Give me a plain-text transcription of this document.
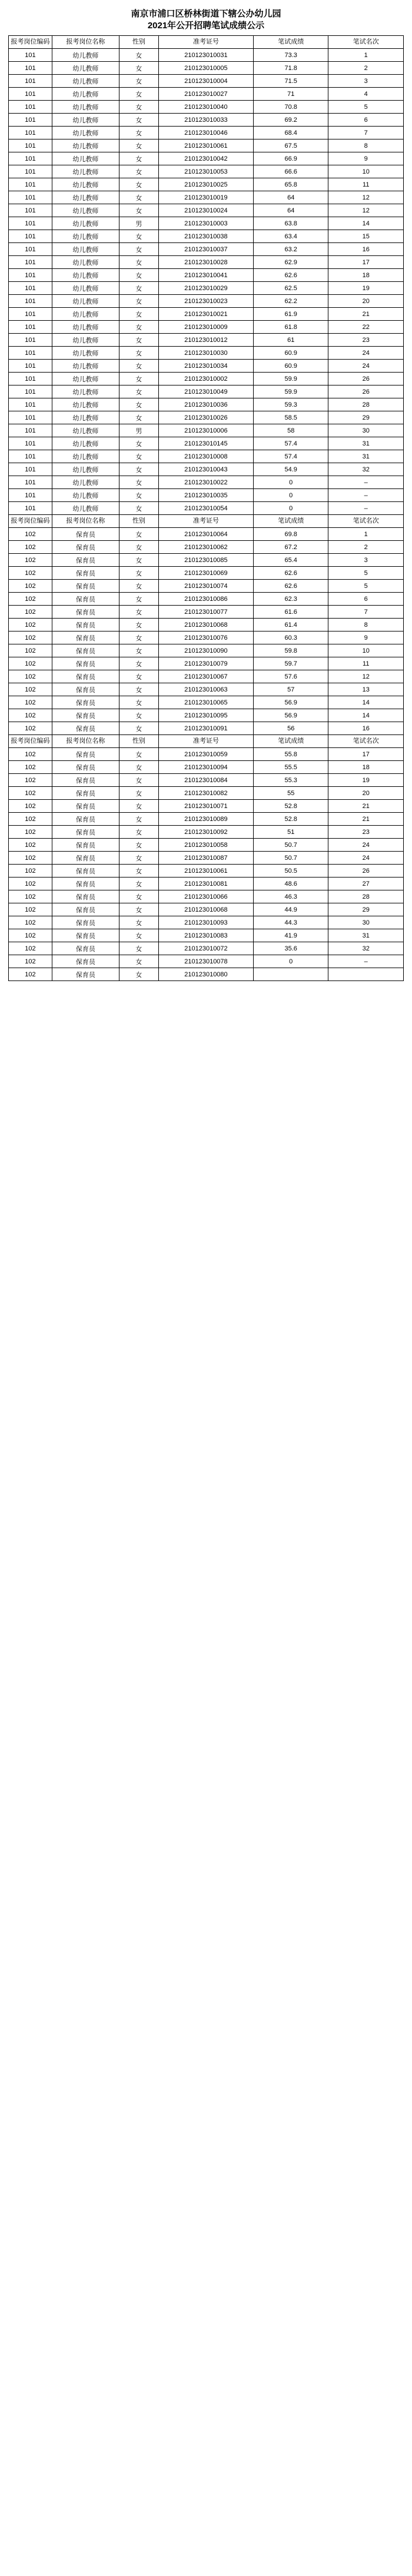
南京市浦口区桥林街道下辖公办幼儿园
2021年公开招聘笔试成绩公示
报考岗位编码	报考岗位名称	性别	准考证号	笔试成绩	笔试名次
101	幼儿教师	女	210123010031	73.3	1
101	幼儿教师	女	210123010005	71.8	2
101	幼儿教师	女	210123010004	71.5	3
101	幼儿教师	女	210123010027	71	4
101	幼儿教师	女	210123010040	70.8	5
101	幼儿教师	女	210123010033	69.2	6
101	幼儿教师	女	210123010046	68.4	7
101	幼儿教师	女	210123010061	67.5	8
101	幼儿教师	女	210123010042	66.9	9
101	幼儿教师	女	210123010053	66.6	10
101	幼儿教师	女	210123010025	65.8	11
101	幼儿教师	女	210123010019	64	12
101	幼儿教师	女	210123010024	64	12
101	幼儿教师	男	210123010003	63.8	14
101	幼儿教师	女	210123010038	63.4	15
101	幼儿教师	女	210123010037	63.2	16
101	幼儿教师	女	210123010028	62.9	17
101	幼儿教师	女	210123010041	62.6	18
101	幼儿教师	女	210123010029	62.5	19
101	幼儿教师	女	210123010023	62.2	20
101	幼儿教师	女	210123010021	61.9	21
101	幼儿教师	女	210123010009	61.8	22
101	幼儿教师	女	210123010012	61	23
101	幼儿教师	女	210123010030	60.9	24
101	幼儿教师	女	210123010034	60.9	24
101	幼儿教师	女	210123010002	59.9	26
101	幼儿教师	女	210123010049	59.9	26
101	幼儿教师	女	210123010036	59.3	28
101	幼儿教师	女	210123010026	58.5	29
101	幼儿教师	男	210123010006	58	30
101	幼儿教师	女	210123010145	57.4	31
101	幼儿教师	女	210123010008	57.4	31
101	幼儿教师	女	210123010043	54.9	32
101	幼儿教师	女	210123010022	0	–
101	幼儿教师	女	210123010035	0	–
101	幼儿教师	女	210123010054	0	–
报考岗位编码	报考岗位名称	性别	准考证号	笔试成绩	笔试名次
102	保育员	女	210123010064	69.8	1
102	保育员	女	210123010062	67.2	2
102	保育员	女	210123010085	65.4	3
102	保育员	女	210123010069	62.6	5
102	保育员	女	210123010074	62.6	5
102	保育员	女	210123010086	62.3	6
102	保育员	女	210123010077	61.6	7
102	保育员	女	210123010068	61.4	8
102	保育员	女	210123010076	60.3	9
102	保育员	女	210123010090	59.8	10
102	保育员	女	210123010079	59.7	11
102	保育员	女	210123010067	57.6	12
102	保育员	女	210123010063	57	13
102	保育员	女	210123010065	56.9	14
102	保育员	女	210123010095	56.9	14
102	保育员	女	210123010091	56	16
报考岗位编码	报考岗位名称	性别	准考证号	笔试成绩	笔试名次
102	保育员	女	210123010059	55.8	17
102	保育员	女	210123010094	55.5	18
102	保育员	女	210123010084	55.3	19
102	保育员	女	210123010082	55	20
102	保育员	女	210123010071	52.8	21
102	保育员	女	210123010089	52.8	21
102	保育员	女	210123010092	51	23
102	保育员	女	210123010058	50.7	24
102	保育员	女	210123010087	50.7	24
102	保育员	女	210123010061	50.5	26
102	保育员	女	210123010081	48.6	27
102	保育员	女	210123010066	46.3	28
102	保育员	女	210123010068	44.9	29
102	保育员	女	210123010093	44.3	30
102	保育员	女	210123010083	41.9	31
102	保育员	女	210123010072	35.6	32
102	保育员	女	210123010078	0	–
102	保育员	女	210123010080		
